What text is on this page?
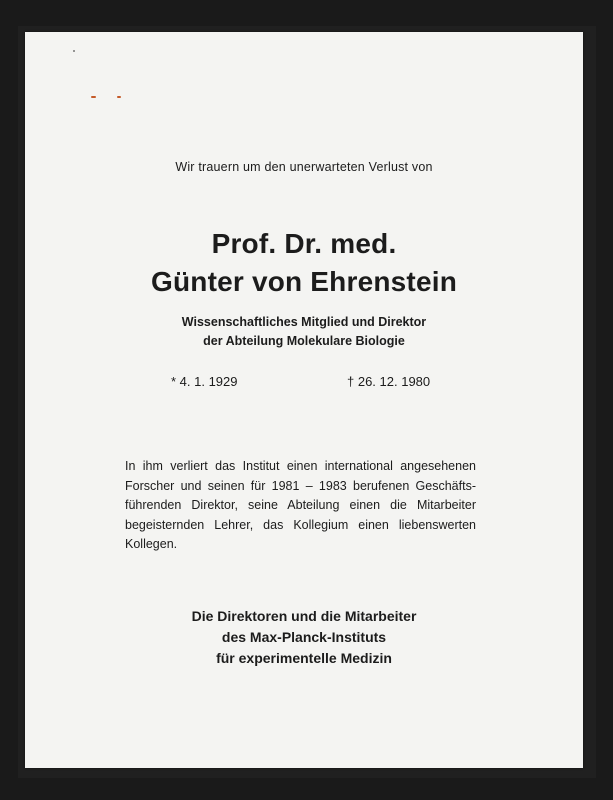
Wir trauern um den unerwarteten Verlust von
Prof. Dr. med.
Günter von Ehrenstein
Wissenschaftliches Mitglied und Direktor
der Abteilung Molekulare Biologie
* 4. 1. 1929	† 26. 12. 1980
In ihm verliert das Institut einen international angesehenen
Forscher und seinen für 1981 – 1983 berufenen Geschäfts-
führenden Direktor, seine Abteilung einen die Mitarbeiter
begeisternden Lehrer, das Kollegium einen liebenswerten
Kollegen.
Die Direktoren und die Mitarbeiter
des Max-Planck-Instituts
für experimentelle Medizin
